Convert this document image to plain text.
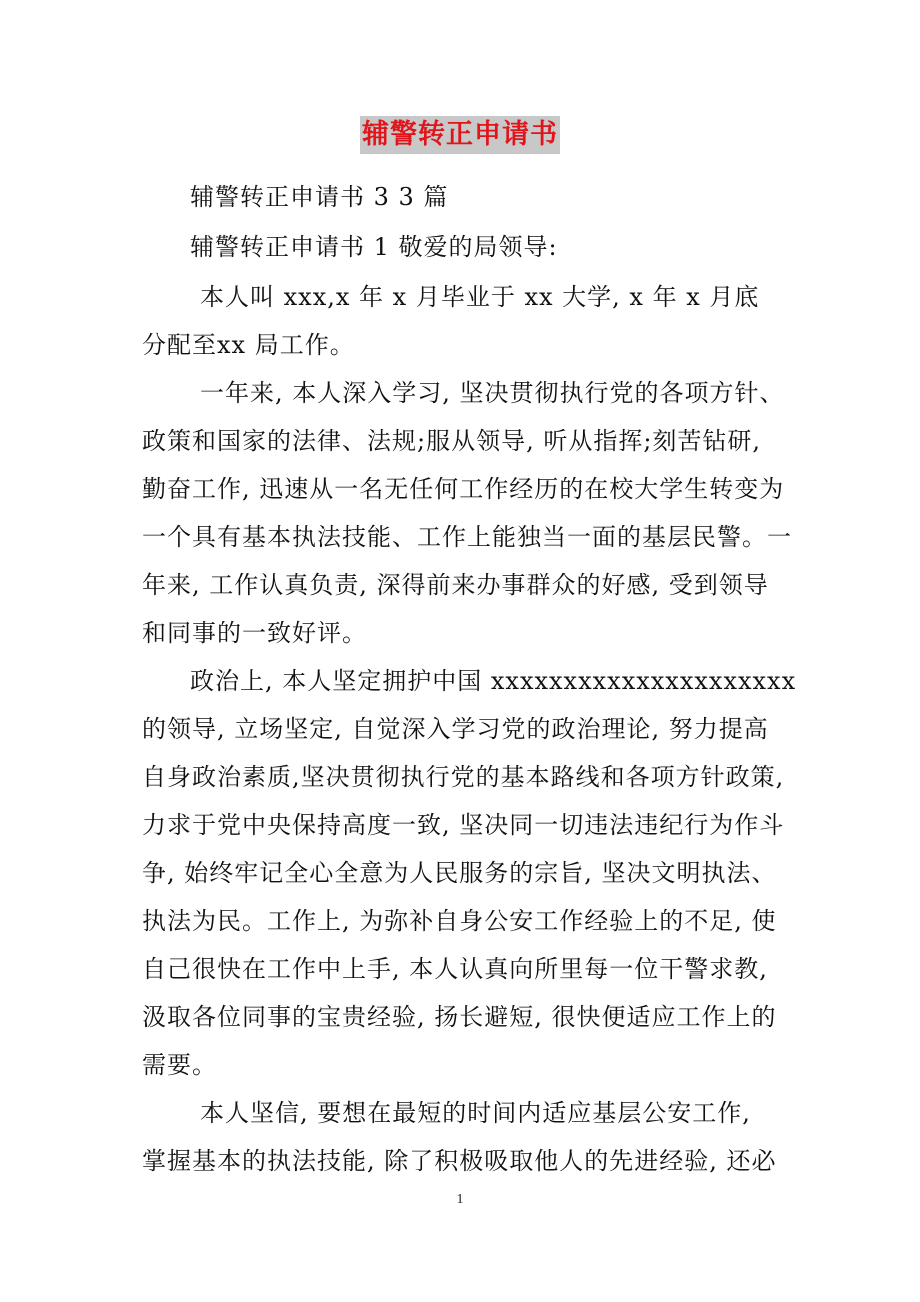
辅警转正申请书
辅警转正申请书 3 3 篇
辅警转正申请书 1 敬爱的局领导:
本人叫 xxx,x 年 x 月毕业于 xx 大学, x 年 x 月底
分配至xx 局工作。
一年来, 本人深入学习, 坚决贯彻执行党的各项方针、
政策和国家的法律、法规;服从领导, 听从指挥;刻苦钻研,
勤奋工作, 迅速从一名无任何工作经历的在校大学生转变为
一个具有基本执法技能、工作上能独当一面的基层民警。一
年来, 工作认真负责, 深得前来办事群众的好感, 受到领导
和同事的一致好评。
政治上, 本人坚定拥护中国 xxxxxxxxxxxxxxxxxxxxx
的领导, 立场坚定, 自觉深入学习党的政治理论, 努力提高
自身政治素质,坚决贯彻执行党的基本路线和各项方针政策,
力求于党中央保持高度一致, 坚决同一切违法违纪行为作斗
争, 始终牢记全心全意为人民服务的宗旨, 坚决文明执法、
执法为民。工作上, 为弥补自身公安工作经验上的不足, 使
自己很快在工作中上手, 本人认真向所里每一位干警求教,
汲取各位同事的宝贵经验, 扬长避短, 很快便适应工作上的
需要。
本人坚信, 要想在最短的时间内适应基层公安工作,
掌握基本的执法技能, 除了积极吸取他人的先进经验, 还必
1
